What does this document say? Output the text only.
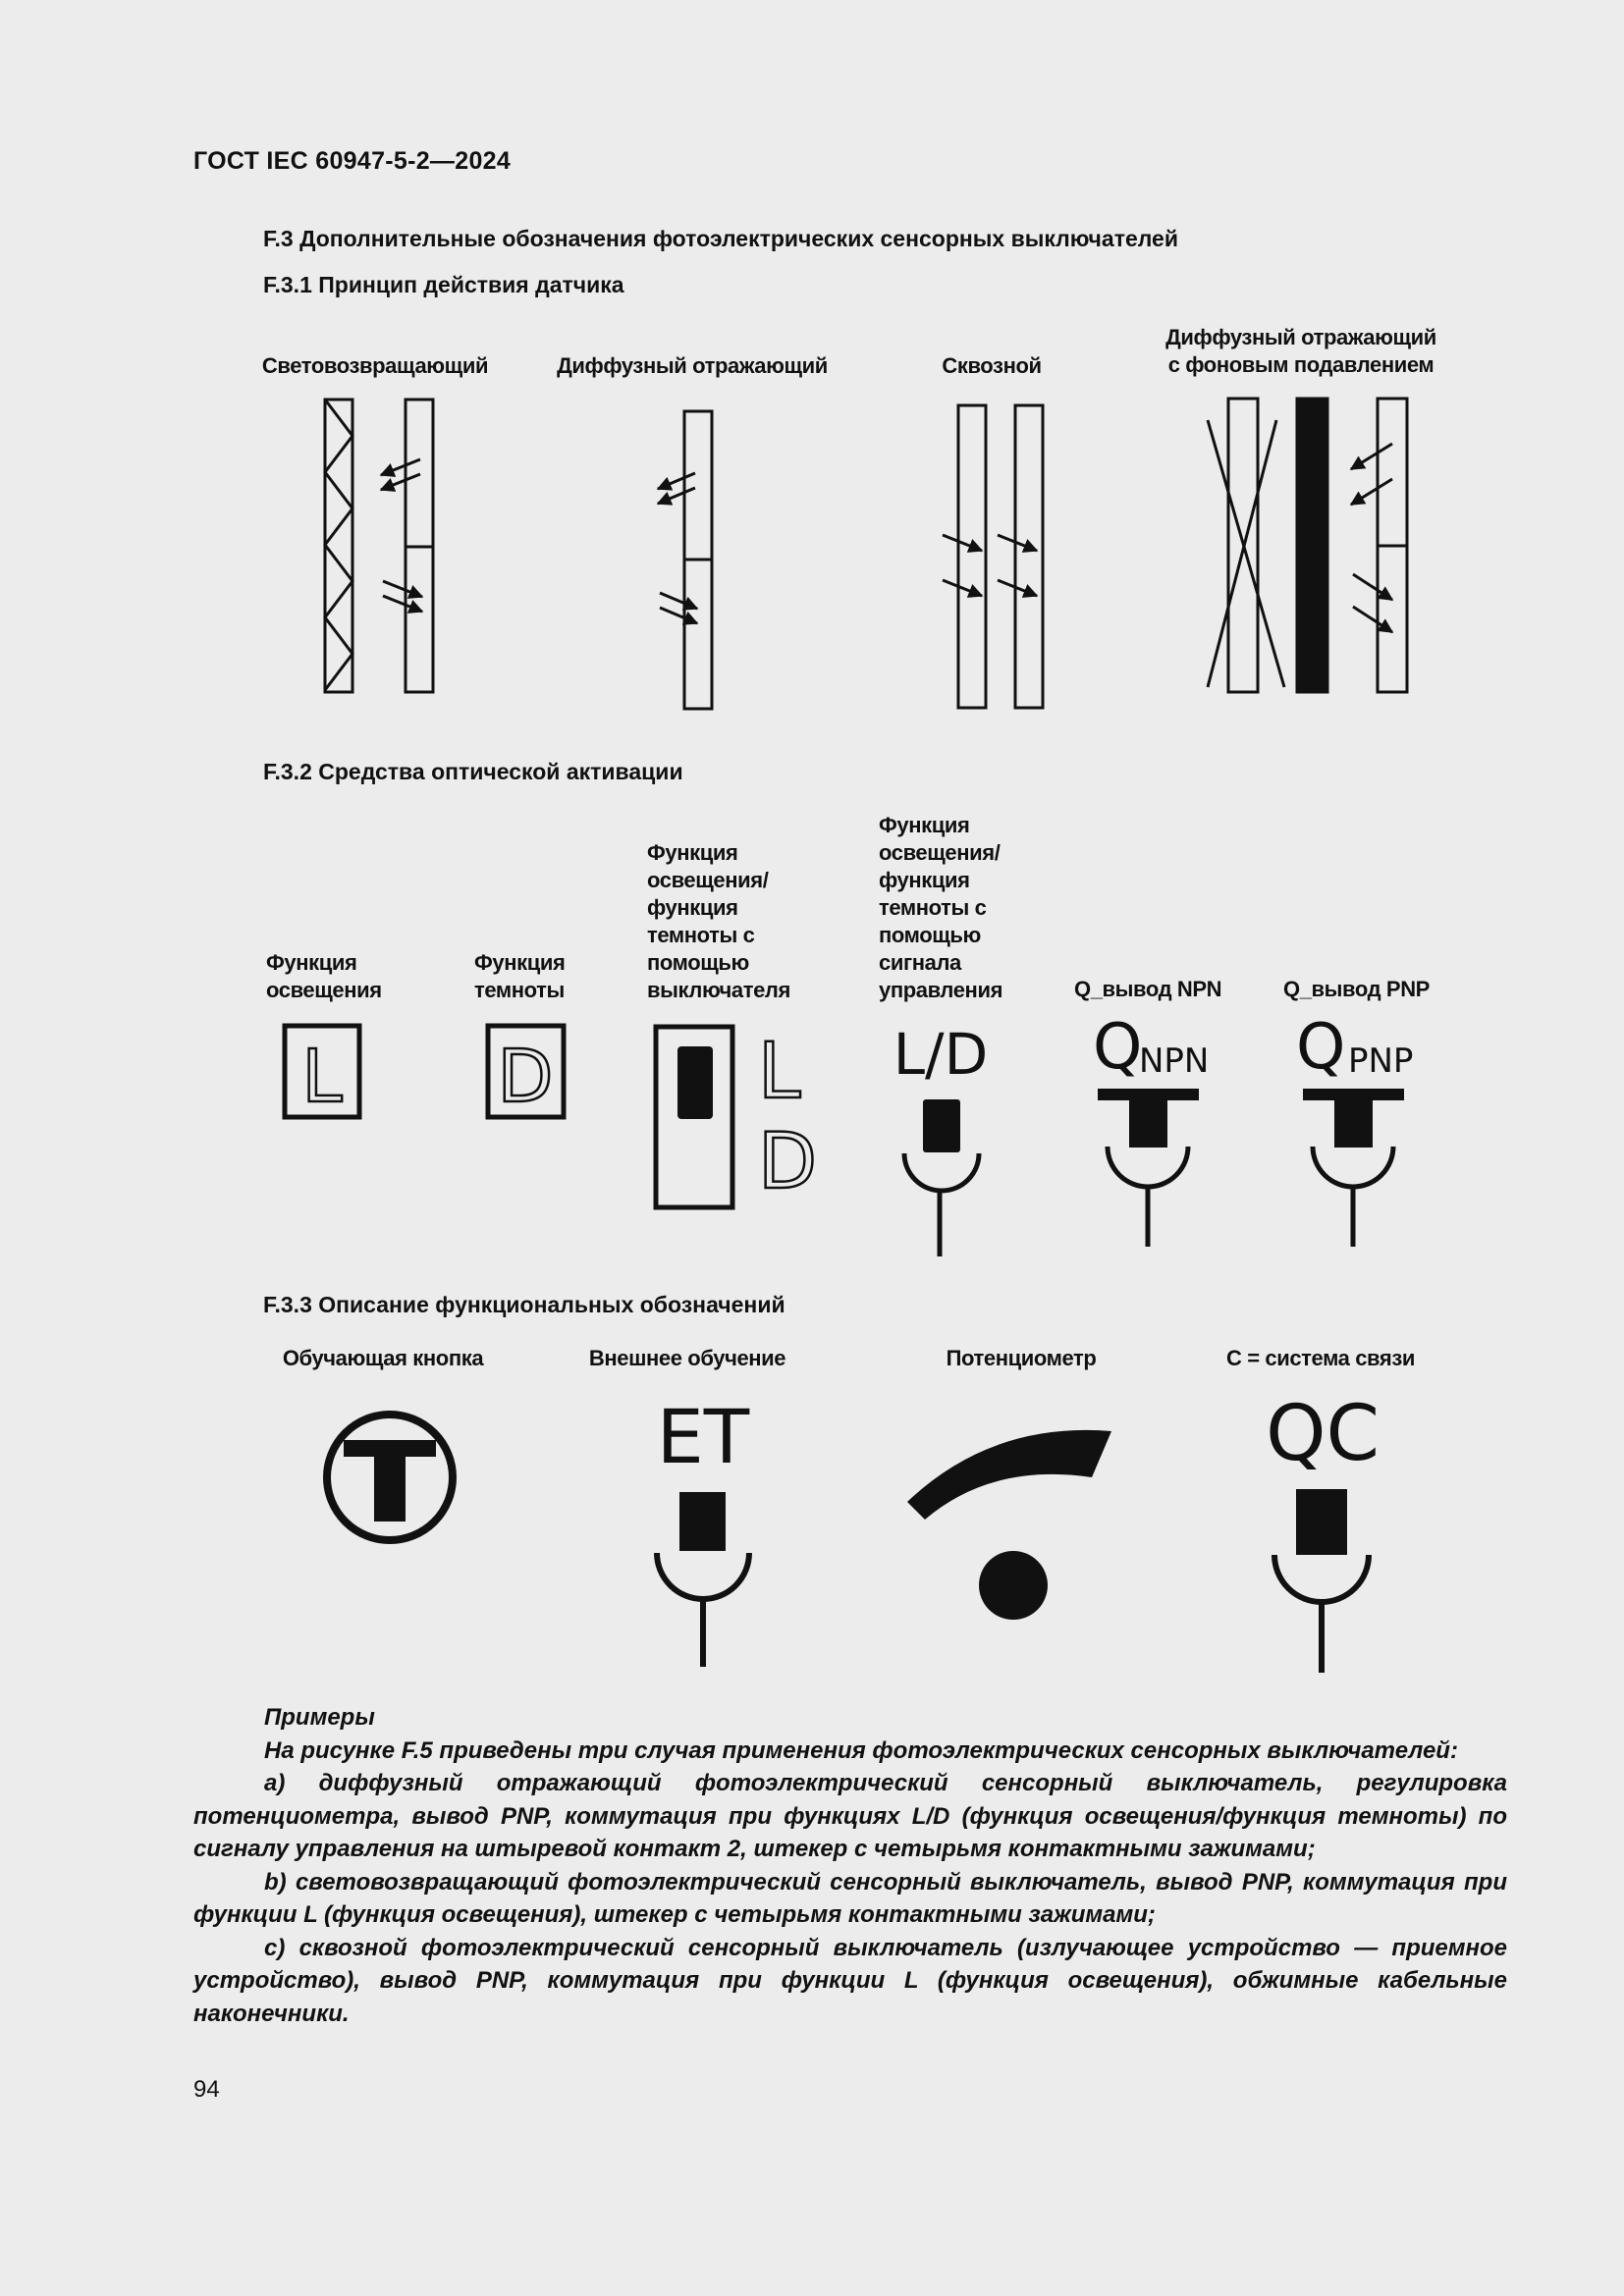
ГОСТ IEC 60947-5-2—2024
F.3 Дополнительные обозначения фотоэлектрических сенсорных выключателей
F.3.1 Принцип действия датчика
Световозвращающий	Диффузный отражающий	Сквозной
Диффузный отражающий
с фоновым подавлением
F.3.2 Средства оптической активации
Функция
освещения
Функция
темноты
Функция
освещения/
функция
темноты с
помощью
выключателя
Функция
освещения/
функция
темноты с
помощью
сигнала
управления	Q_вывод NPN	Q_вывод PNP
L D	L
D
L/D Q
NPN Q PNP
F.3.3 Описание функциональных обозначений
Обучающая кнопка	Внешнее обучение	Потенциометр	C = система связи
ET	QC

Примеры

На рисунке F.5 приведены три случая применения фотоэлектрических сенсорных выключателей:

а) диффузный отражающий фотоэлектрический сенсорный выключатель, регулировка потенциометра, вывод PNP, коммутация при функциях L/D (функция освещения/функция темноты) по сигналу управления на штыревой контакт 2, штекер с четырьмя контактными зажимами;

b) световозвращающий фотоэлектрический сенсорный выключатель, вывод PNP, коммутация при функции L (функция освещения), штекер с четырьмя контактными зажимами;

с) сквозной фотоэлектрический сенсорный выключатель (излучающее устройство — приемное устройство), вывод PNP, коммутация при функции L (функция освещения), обжимные кабельные наконечники.

94
